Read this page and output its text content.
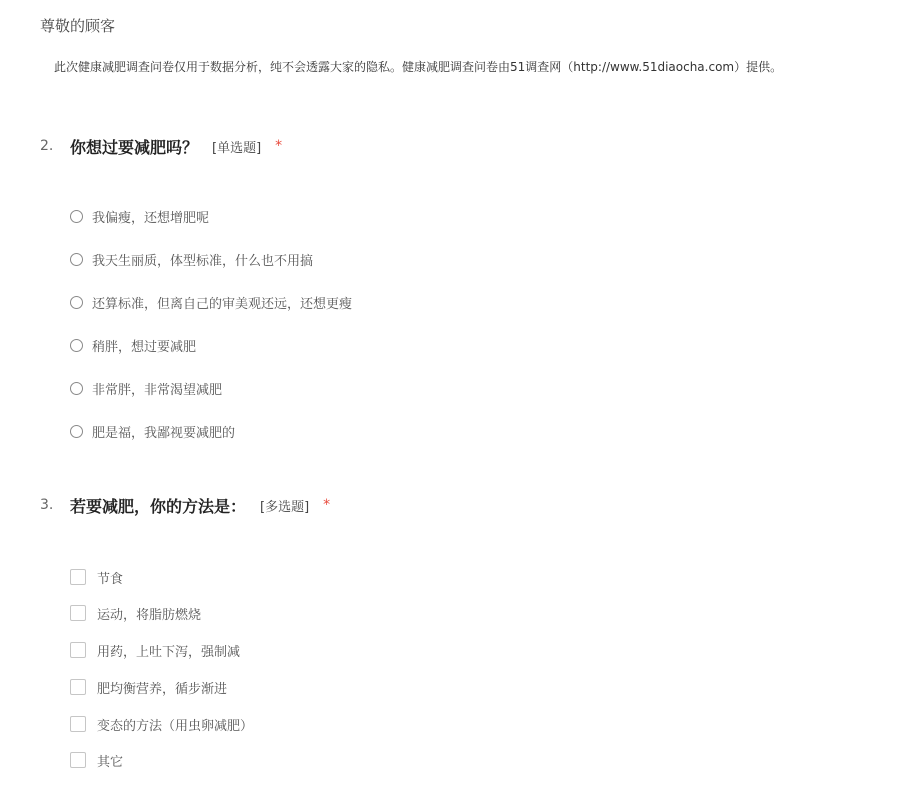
尊敬的顾客
此次健康减肥调查问卷仅用于数据分析，纯不会透露大家的隐私。健康减肥调查问卷由51调查网（http://www.51diaocha.com）提供。
2.	你想过要减肥吗？ [单选题] *
我偏瘦，还想增肥呢
我天生丽质，体型标准，什么也不用搞
还算标准，但离自己的审美观还远，还想更瘦
稍胖，想过要减肥
非常胖，非常渴望减肥
肥是福，我鄙视要减肥的
3.	若要减肥，你的方法是： [多选题] *
节食
运动，将脂肪燃烧
用药，上吐下泻，强制减
肥均衡营养，循步渐进
变态的方法（用虫卵减肥）
其它
